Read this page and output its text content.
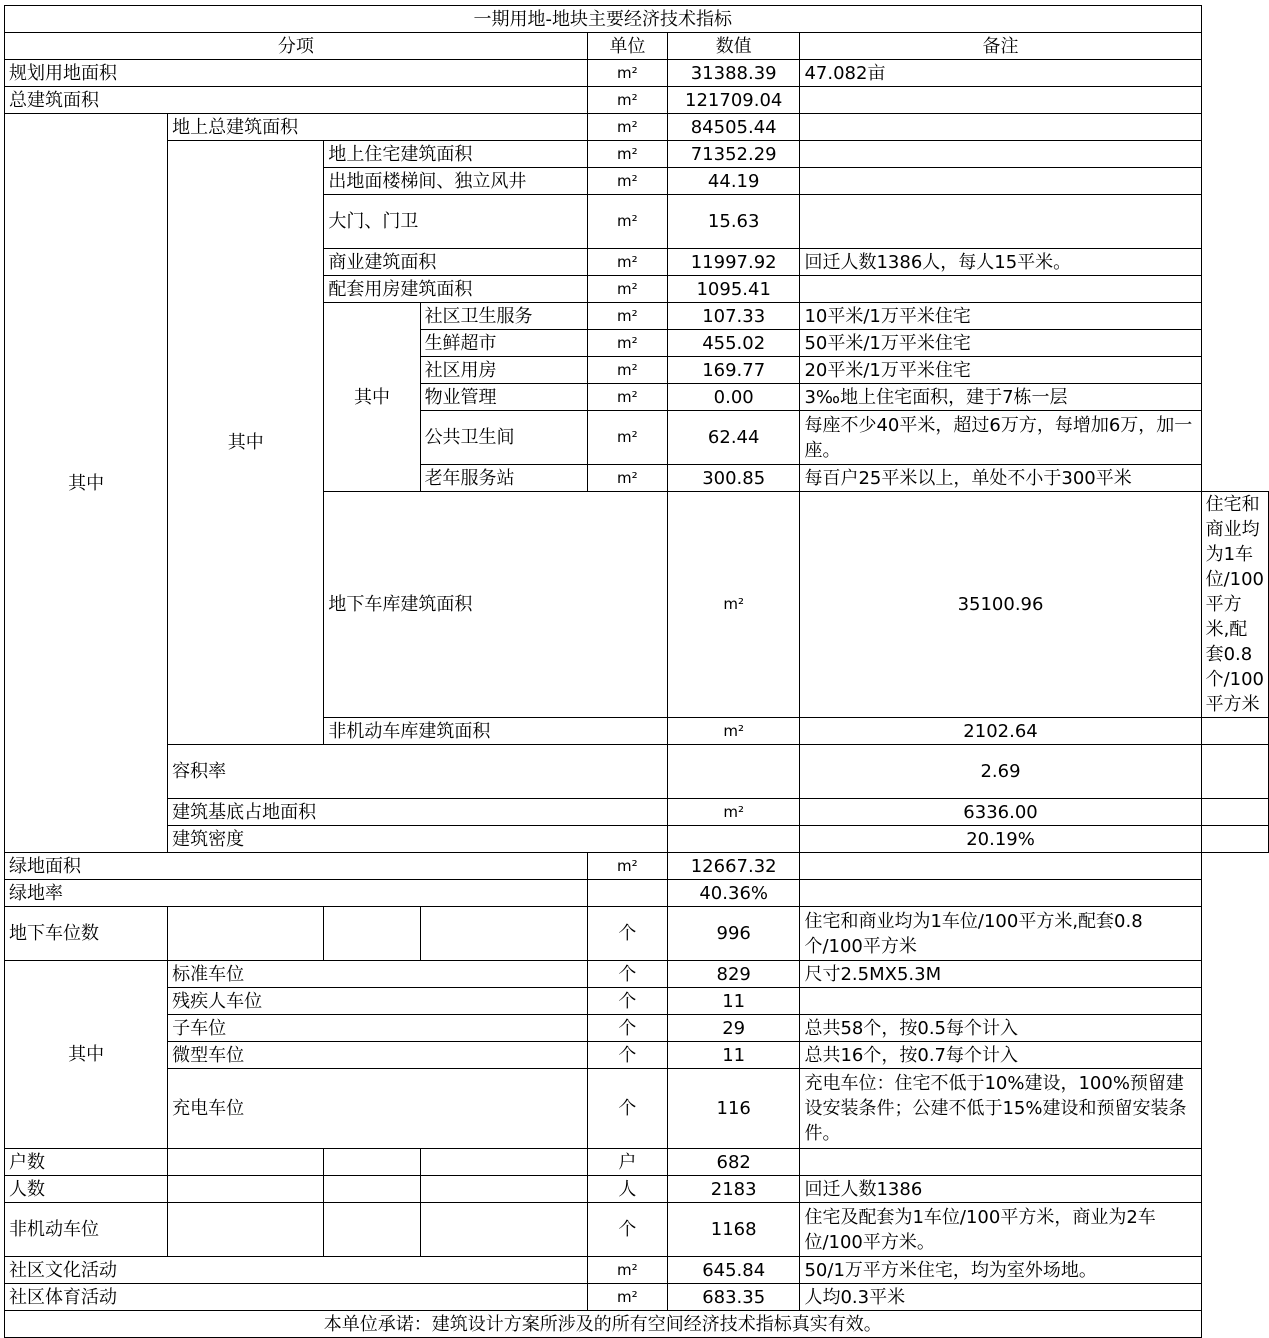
一期用地-地块主要经济技术指标							
分项				单位	数值	备注	
规划用地面积				m²	31388.39	47.082亩	
总建筑面积				m²	121709.04		
其中	地上总建筑面积			m²	84505.44		
	其中	地上住宅建筑面积		m²	71352.29		
		出地面楼梯间、独立风井		m²	44.19		
		大门、门卫		m²	15.63		
		商业建筑面积		m²	11997.92	回迁人数1386人，每人15平米。	
		配套用房建筑面积		m²	1095.41		
		其中	社区卫生服务	m²	107.33	10平米/1万平米住宅	
			生鲜超市	m²	455.02	50平米/1万平米住宅	
			社区用房	m²	169.77	20平米/1万平米住宅	
			物业管理	m²	0.00	3‰地上住宅面积，建于7栋一层	
			公共卫生间	m²	62.44	每座不少40平米，超过6万方，每增加6万，加一座。	
			老年服务站	m²	300.85	每百户25平米以上，单处不小于300平米	
		地下车库建筑面积			m²	35100.96	住宅和商业均为1车位/100平方米,配套0.8个/100平方米
		非机动车库建筑面积			m²	2102.64	
	容积率					2.69	
	建筑基底占地面积				m²	6336.00	
	建筑密度					20.19%	
绿地面积				m²	12667.32		
绿地率					40.36%		
地下车位数				个	996	住宅和商业均为1车位/100平方米,配套0.8个/100平方米	
其中	标准车位			个	829	尺寸2.5MX5.3M	
	残疾人车位			个	11		
	子车位			个	29	总共58个，按0.5每个计入	
	微型车位			个	11	总共16个，按0.7每个计入	
	充电车位			个	116	充电车位：住宅不低于10%建设，100%预留建设安装条件；公建不低于15%建设和预留安装条件。	
户数				户	682		
人数				人	2183	回迁人数1386	
非机动车位				个	1168	住宅及配套为1车位/100平方米，商业为2车位/100平方米。	
社区文化活动				m²	645.84	50/1万平方米住宅，均为室外场地。	
社区体育活动				m²	683.35	人均0.3平米	
本单位承诺：建筑设计方案所涉及的所有空间经济技术指标真实有效。							
